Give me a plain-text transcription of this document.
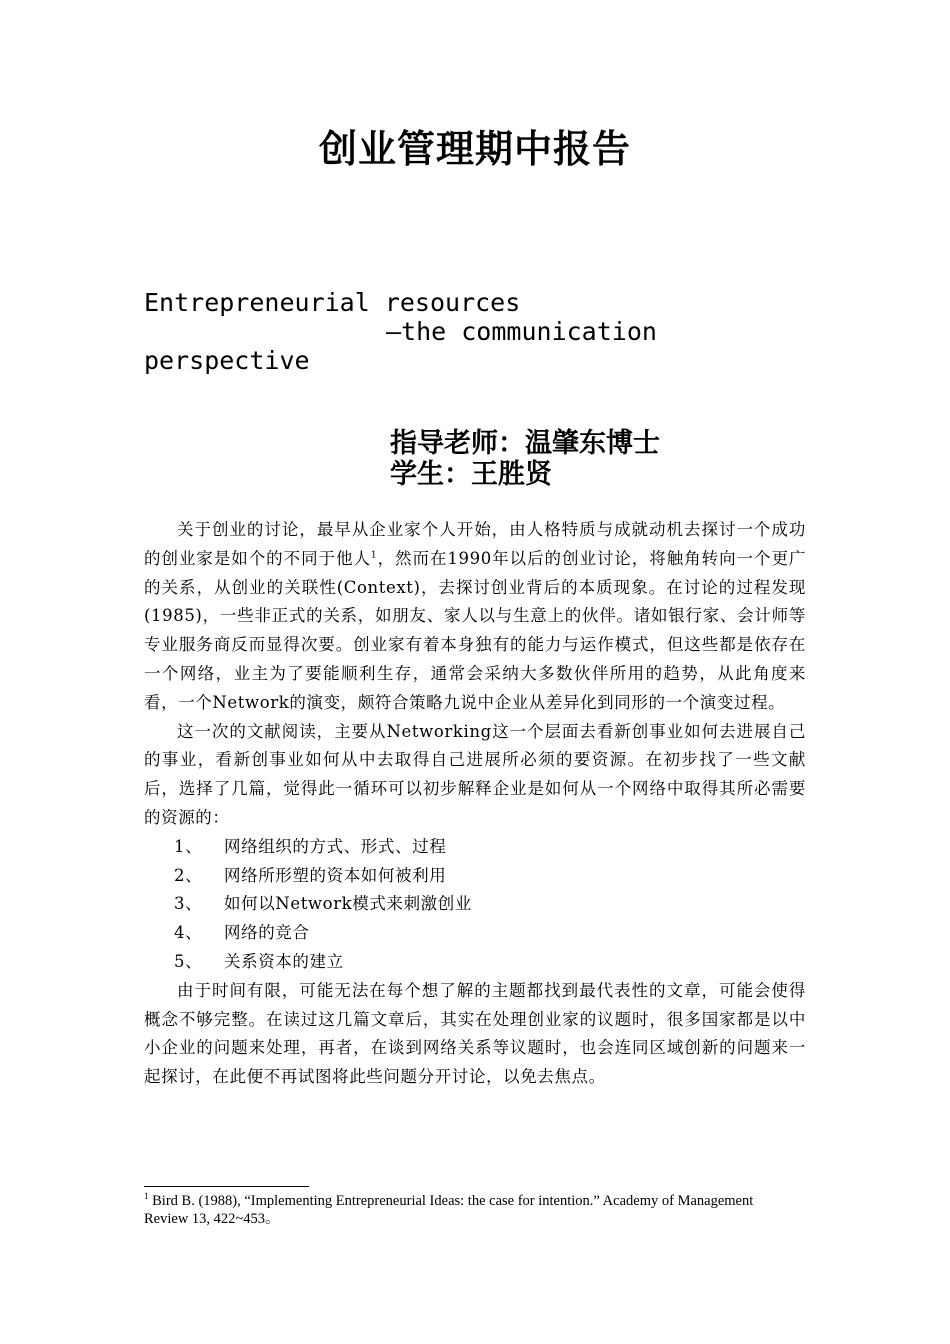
创业管理期中报告
Entrepreneurial resources
—the communication
perspective
指导老师：温肇东博士
学生：王胜贤

关于创业的讨论，最早从企业家个人开始，由人格特质与成就动机去探讨一个成功的创业家是如个的不同于他人$^1$，然而在1990年以后的创业讨论，将触角转向一个更广的关系，从创业的关联性(Context)，去探讨创业背后的本质现象。在讨论的过程发现(1985)，一些非正式的关系，如朋友、家人以与生意上的伙伴。诸如银行家、会计师等专业服务商反而显得次要。创业家有着本身独有的能力与运作模式，但这些都是依存在一个网络，业主为了要能顺利生存，通常会采纳大多数伙伴所用的趋势，从此角度来看，一个Network的演变，颇符合策略九说中企业从差异化到同形的一个演变过程。

这一次的文献阅读，主要从Networking这一个层面去看新创事业如何去进展自己的事业，看新创事业如何从中去取得自己进展所必须的要资源。在初步找了一些文献后，选择了几篇，觉得此一循环可以初步解释企业是如何从一个网络中取得其所必需要的资源的：

1、 网络组织的方式、形式、过程
2、 网络所形塑的资本如何被利用
3、 如何以Network模式来刺激创业
4、 网络的竞合
5、 关系资本的建立

由于时间有限，可能无法在每个想了解的主题都找到最代表性的文章，可能会使得概念不够完整。在读过这几篇文章后，其实在处理创业家的议题时，很多国家都是以中小企业的问题来处理，再者，在谈到网络关系等议题时，也会连同区域创新的问题来一起探讨，在此便不再试图将此些问题分开讨论，以免去焦点。

$^1$ Bird B. (1988), “Implementing Entrepreneurial Ideas: the case for intention.” Academy of Management Review 13, 422~453。
